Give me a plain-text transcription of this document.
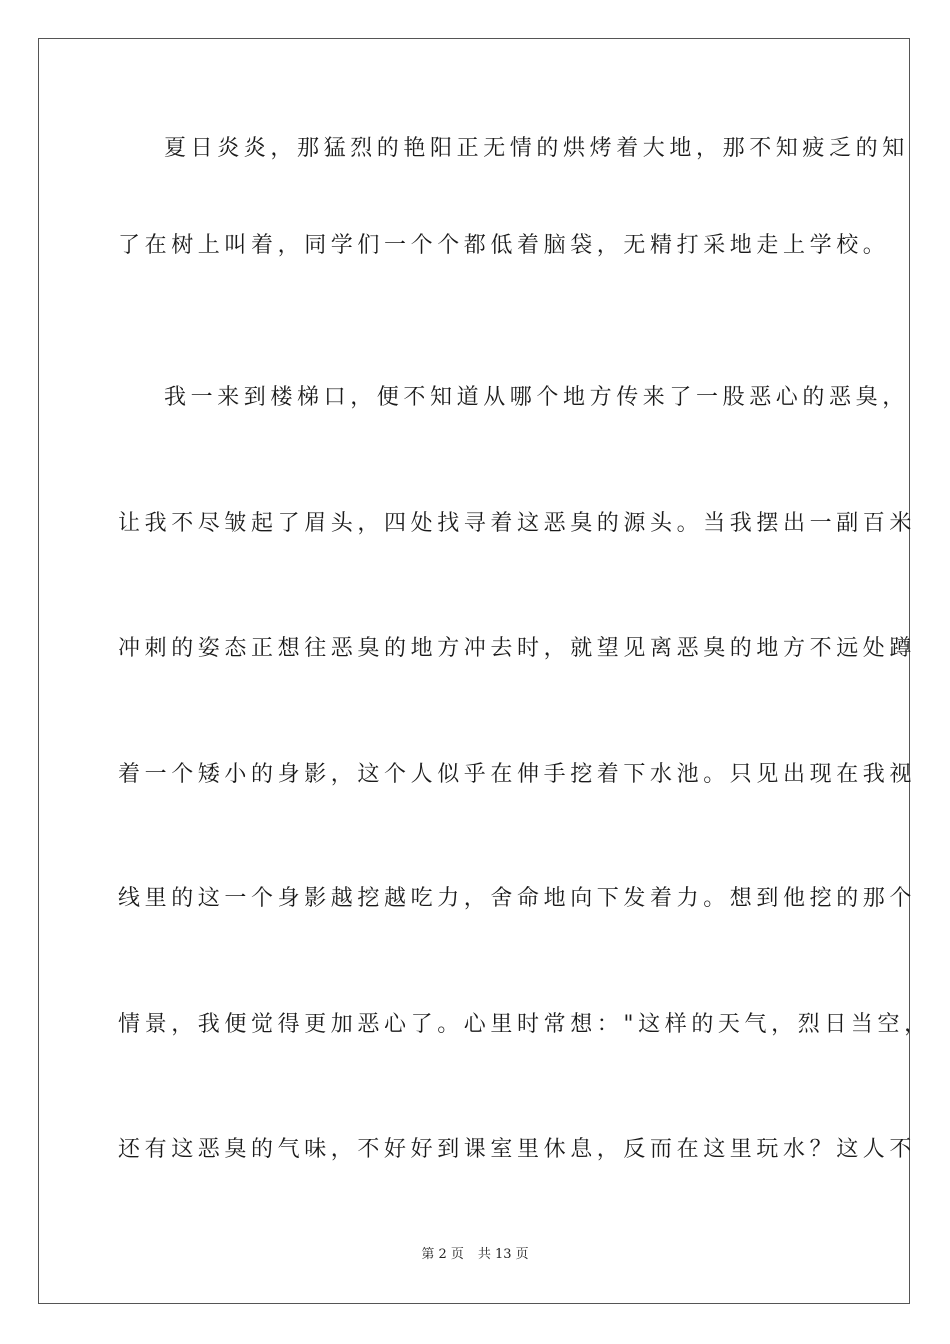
夏日炎炎，那猛烈的艳阳正无情的烘烤着大地，那不知疲乏的知
了在树上叫着，同学们一个个都低着脑袋，无精打采地走上学校。
我一来到楼梯口，便不知道从哪个地方传来了一股恶心的恶臭，
让我不尽皱起了眉头，四处找寻着这恶臭的源头。当我摆出一副百米
冲刺的姿态正想往恶臭的地方冲去时，就望见离恶臭的地方不远处蹲
着一个矮小的身影，这个人似乎在伸手挖着下水池。只见出现在我视
线里的这一个身影越挖越吃力，舍命地向下发着力。想到他挖的那个
情景，我便觉得更加恶心了。心里时常想："这样的天气，烈日当空，
还有这恶臭的气味，不好好到课室里休息，反而在这里玩水？这人不
第 2 页 共 13 页
